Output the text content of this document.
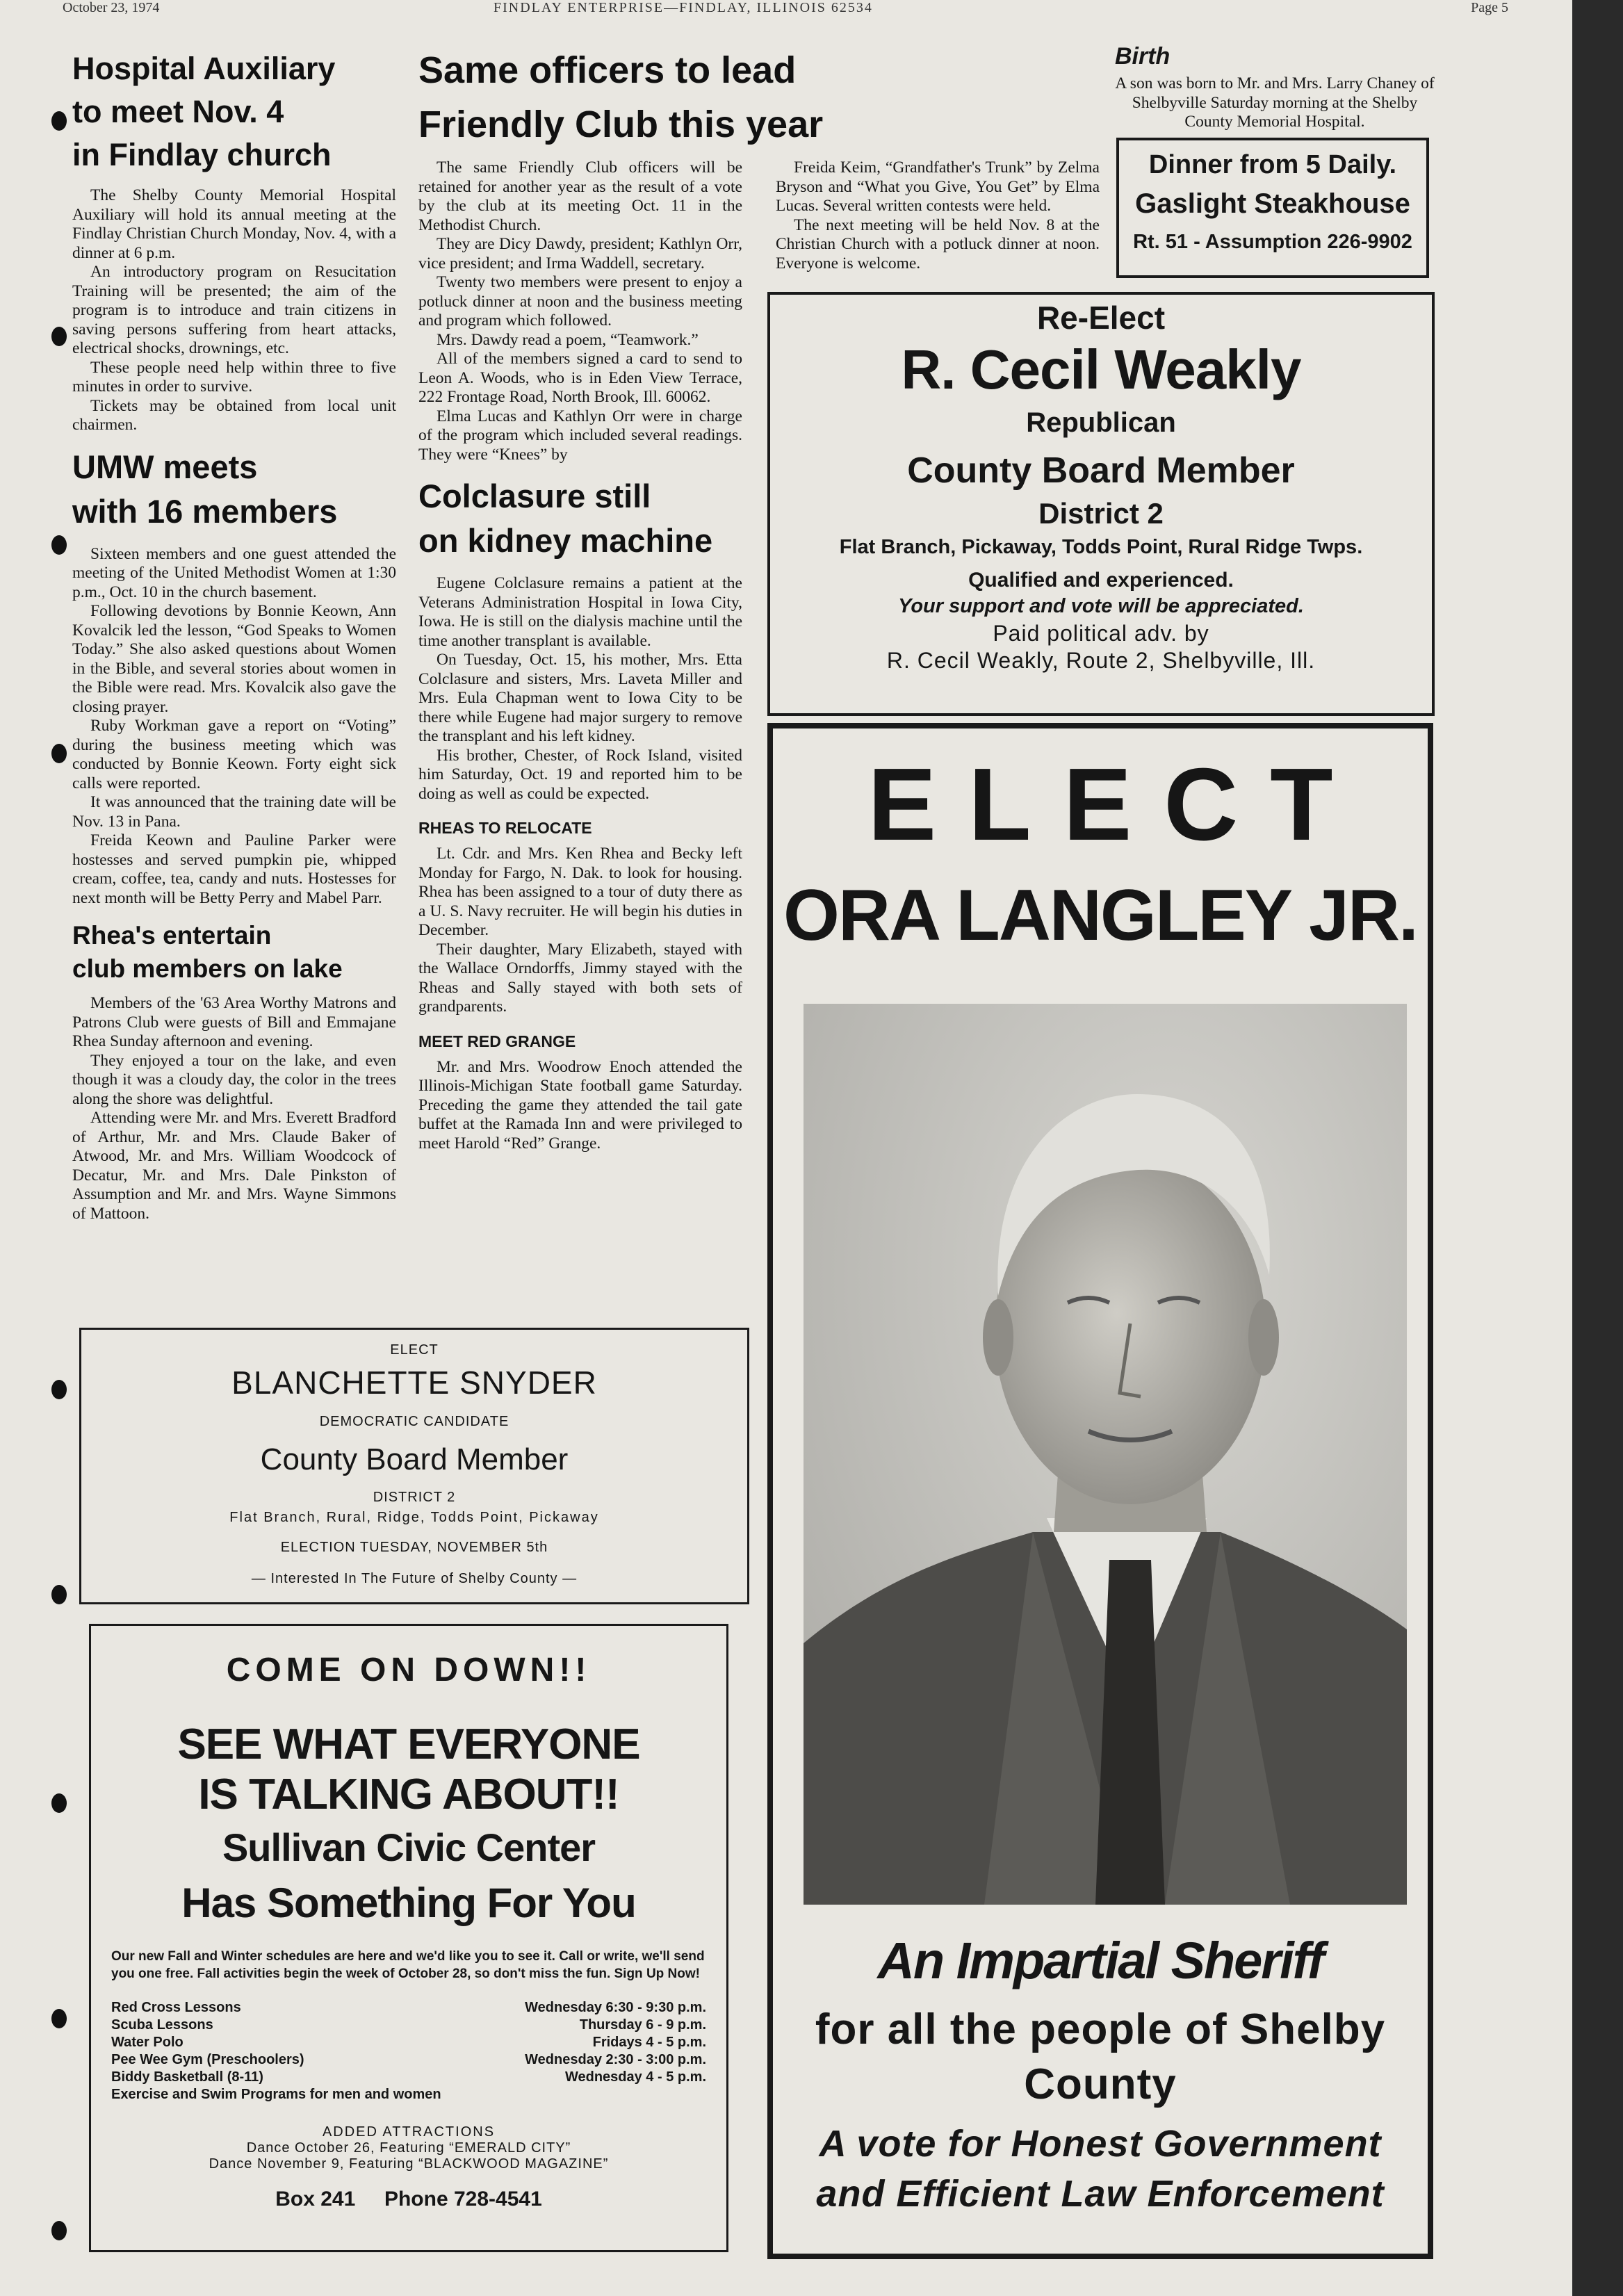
October 23, 1974	FINDLAY ENTERPRISE—FINDLAY, ILLINOIS 62534	Page 5
Hospital Auxiliary
to meet Nov. 4
in Findlay church

The Shelby County Memorial Hospital Auxiliary will hold its annual meeting at the Findlay Christian Church Monday, Nov. 4, with a dinner at 6 p.m.

An introductory program on Resucitation Training will be presented; the aim of the program is to introduce and train citizens in saving persons suffering from heart attacks, electrical shocks, drownings, etc.

These people need help within three to five minutes in order to survive.

Tickets may be obtained from local unit chairmen.

UMW meets
with 16 members

Sixteen members and one guest attended the meeting of the United Methodist Women at 1:30 p.m., Oct. 10 in the church basement.

Following devotions by Bonnie Keown, Ann Kovalcik led the lesson, “God Speaks to Women Today.” She also asked questions about Women in the Bible, and several stories about women in the Bible were read. Mrs. Kovalcik also gave the closing prayer.

Ruby Workman gave a report on “Voting” during the business meeting which was conducted by Bonnie Keown. Forty eight sick calls were reported.

It was announced that the training date will be Nov. 13 in Pana.

Freida Keown and Pauline Parker were hostesses and served pumpkin pie, whipped cream, coffee, tea, candy and nuts. Hostesses for next month will be Betty Perry and Mabel Parr.

Rhea's entertain
club members on lake

Members of the '63 Area Worthy Matrons and Patrons Club were guests of Bill and Emmajane Rhea Sunday afternoon and evening.

They enjoyed a tour on the lake, and even though it was a cloudy day, the color in the trees along the shore was delightful.

Attending were Mr. and Mrs. Everett Bradford of Arthur, Mr. and Mrs. Claude Baker of Atwood, Mr. and Mrs. William Woodcock of Decatur, Mr. and Mrs. Dale Pinkston of Assumption and Mr. and Mrs. Wayne Simmons of Mattoon.

Same officers to lead
Friendly Club this year

The same Friendly Club officers will be retained for another year as the result of a vote by the club at its meeting Oct. 11 in the Methodist Church.

They are Dicy Dawdy, president; Kathlyn Orr, vice president; and Irma Waddell, secretary.

Twenty two members were present to enjoy a potluck dinner at noon and the business meeting and program which followed.

Mrs. Dawdy read a poem, “Teamwork.”

All of the members signed a card to send to Leon A. Woods, who is in Eden View Terrace, 222 Frontage Road, North Brook, Ill. 60062.

Elma Lucas and Kathlyn Orr were in charge of the program which included several readings. They were “Knees” by

Colclasure still
on kidney machine

Eugene Colclasure remains a patient at the Veterans Administration Hospital in Iowa City, Iowa. He is still on the dialysis machine until the time another transplant is available.

On Tuesday, Oct. 15, his mother, Mrs. Etta Colclasure and sisters, Mrs. Laveta Miller and Mrs. Eula Chapman went to Iowa City to be there while Eugene had major surgery to remove the transplant and his left kidney.

His brother, Chester, of Rock Island, visited him Saturday, Oct. 19 and reported him to be doing as well as could be expected.

RHEAS TO RELOCATE

Lt. Cdr. and Mrs. Ken Rhea and Becky left Monday for Fargo, N. Dak. to look for housing. Rhea has been assigned to a tour of duty there as a U. S. Navy recruiter. He will begin his duties in December.

Their daughter, Mary Elizabeth, stayed with the Wallace Orndorffs, Jimmy stayed with the Rheas and Sally stayed with both sets of grandparents.

MEET RED GRANGE

Mr. and Mrs. Woodrow Enoch attended the Illinois-Michigan State football game Saturday. Preceding the game they attended the tail gate buffet at the Ramada Inn and were privileged to meet Harold “Red” Grange.

Freida Keim, “Grandfather's Trunk” by Zelma Bryson and “What you Give, You Get” by Elma Lucas. Several written contests were held.

The next meeting will be held Nov. 8 at the Christian Church with a potluck dinner at noon. Everyone is welcome.

Birth

A son was born to Mr. and Mrs. Larry Chaney of Shelbyville Saturday morning at the Shelby County Memorial Hospital.

Dinner from 5 Daily.
Gaslight Steakhouse
Rt. 51 - Assumption 226-9902
Re-Elect
R. Cecil Weakly
Republican
County Board Member
District 2
Flat Branch, Pickaway, Todds Point, Rural Ridge Twps.
Qualified and experienced.
Your support and vote will be appreciated.
Paid political adv. by
R. Cecil Weakly, Route 2, Shelbyville, Ill.
ELECT
ORA LANGLEY JR.
An Impartial Sheriff
for all the people of Shelby
County
A vote for Honest Government
and Efficient Law Enforcement
ELECT
BLANCHETTE SNYDER
DEMOCRATIC CANDIDATE
County Board Member
DISTRICT 2
Flat Branch, Rural, Ridge, Todds Point, Pickaway
ELECTION TUESDAY, NOVEMBER 5th
— Interested In The Future of Shelby County —
COME ON DOWN!!
SEE WHAT EVERYONE
IS TALKING ABOUT!!
Sullivan Civic Center
Has Something For You
Our new Fall and Winter schedules are here and we'd like you to see it. Call or write, we'll send you one free. Fall activities begin the week of October 28, so don't miss the fun. Sign Up Now!
Red Cross Lessons	Wednesday 6:30 - 9:30 p.m.
Scuba Lessons	Thursday 6 - 9 p.m.
Water Polo	Fridays 4 - 5 p.m.
Pee Wee Gym (Preschoolers)	Wednesday 2:30 - 3:00 p.m.
Biddy Basketball (8-11)	Wednesday 4 - 5 p.m.
Exercise and Swim Programs for men and women
ADDED ATTRACTIONS
Dance October 26, Featuring “EMERALD CITY”
Dance November 9, Featuring “BLACKWOOD MAGAZINE”
Box 241     Phone 728-4541
